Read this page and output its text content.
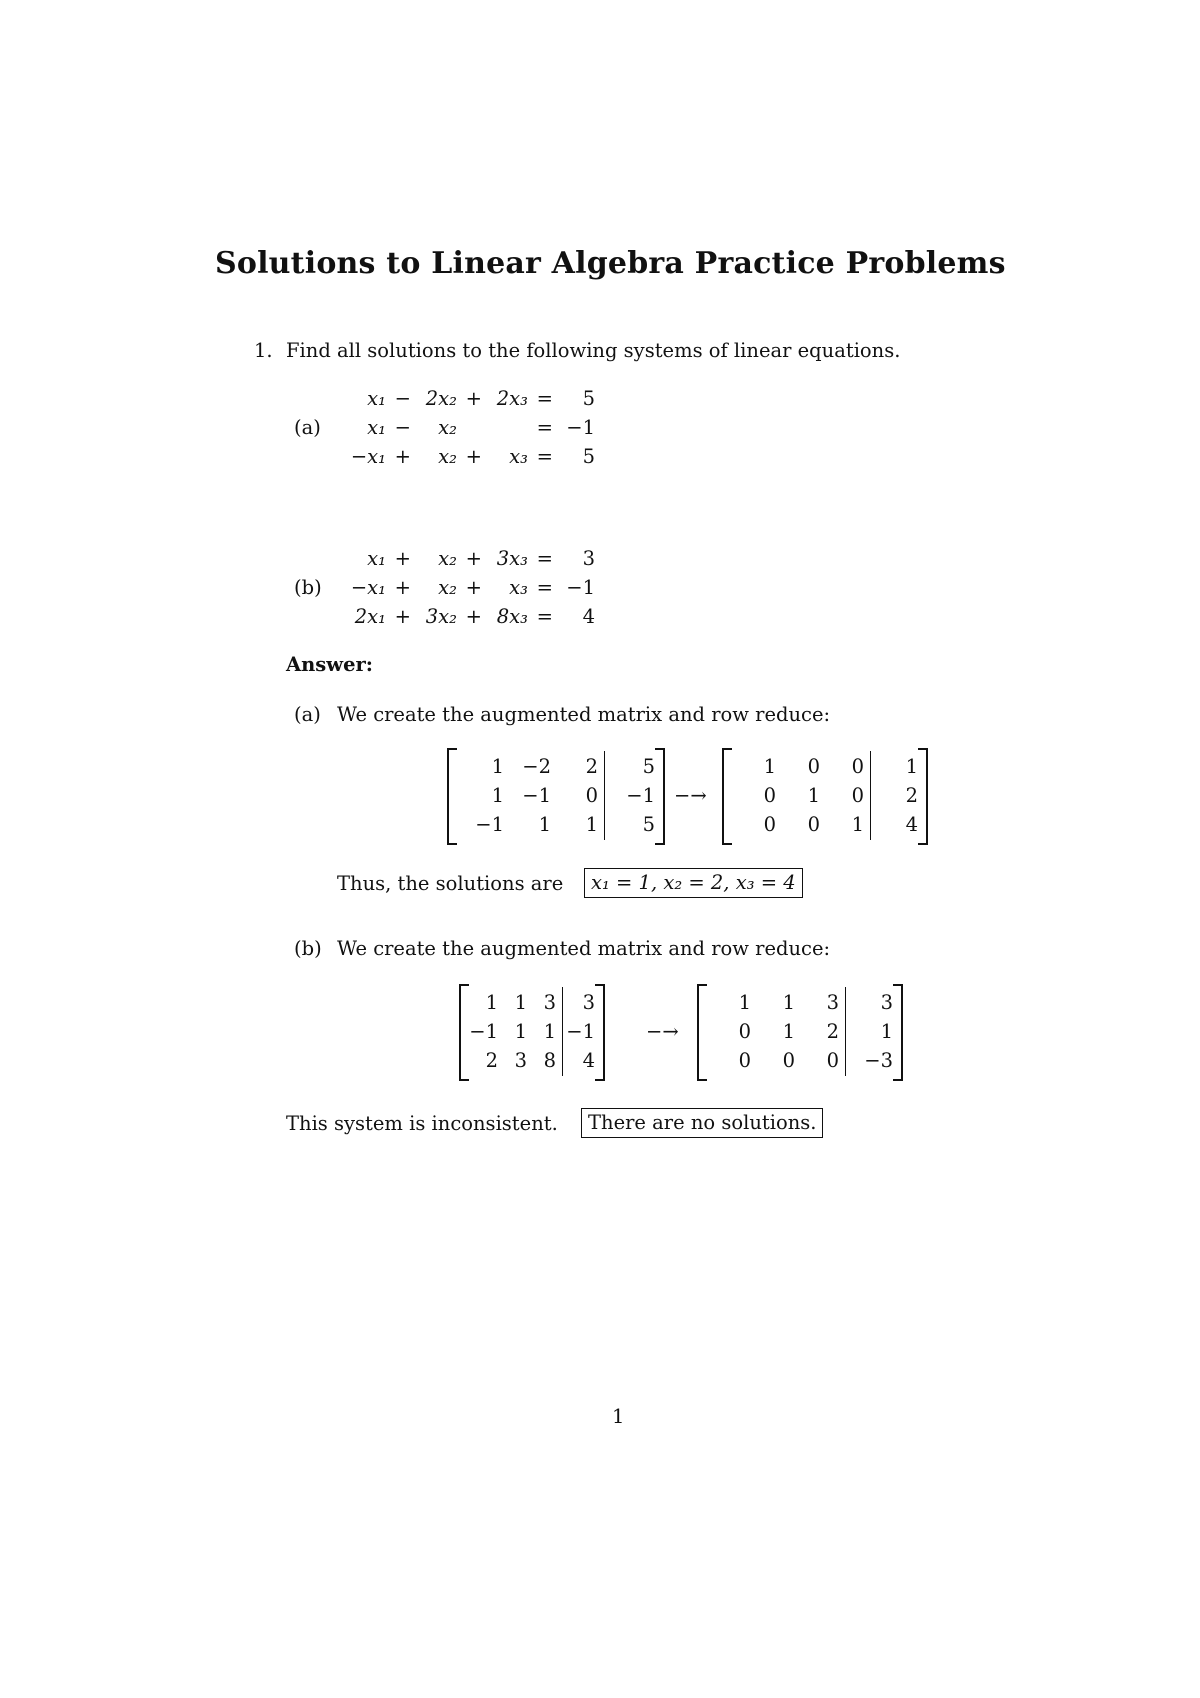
Solutions to Linear Algebra Practice Problems
1. Find all solutions to the following systems of linear equations.
(a)
x₁ − 2x₂ + 2x₃ = 5
x₁ − x₂	= −1
−x₁ + x₂ + x₃ = 5
(b)
x₁ + x₂ + 3x₃ = 3
−x₁ + x₂ + x₃ = −1
2x₁ + 3x₂ + 8x₃ = 4
Answer:
(a) We create the augmented matrix and row reduce:
1 −2	2	5
1 −1	0	−1
−1	1	1	5
−→
1	0	0	1
0	1	0	2
0	0	1	4
Thus, the solutions are	x₁ = 1, x₂ = 2, x₃ = 4
(b) We create the augmented matrix and row reduce:
1 1 3	3
−1 1 1 −1
2 3 8	4
−→
1	1	3	3
0	1	2	1
0	0	0	−3
This system is inconsistent.	There are no solutions.
1
